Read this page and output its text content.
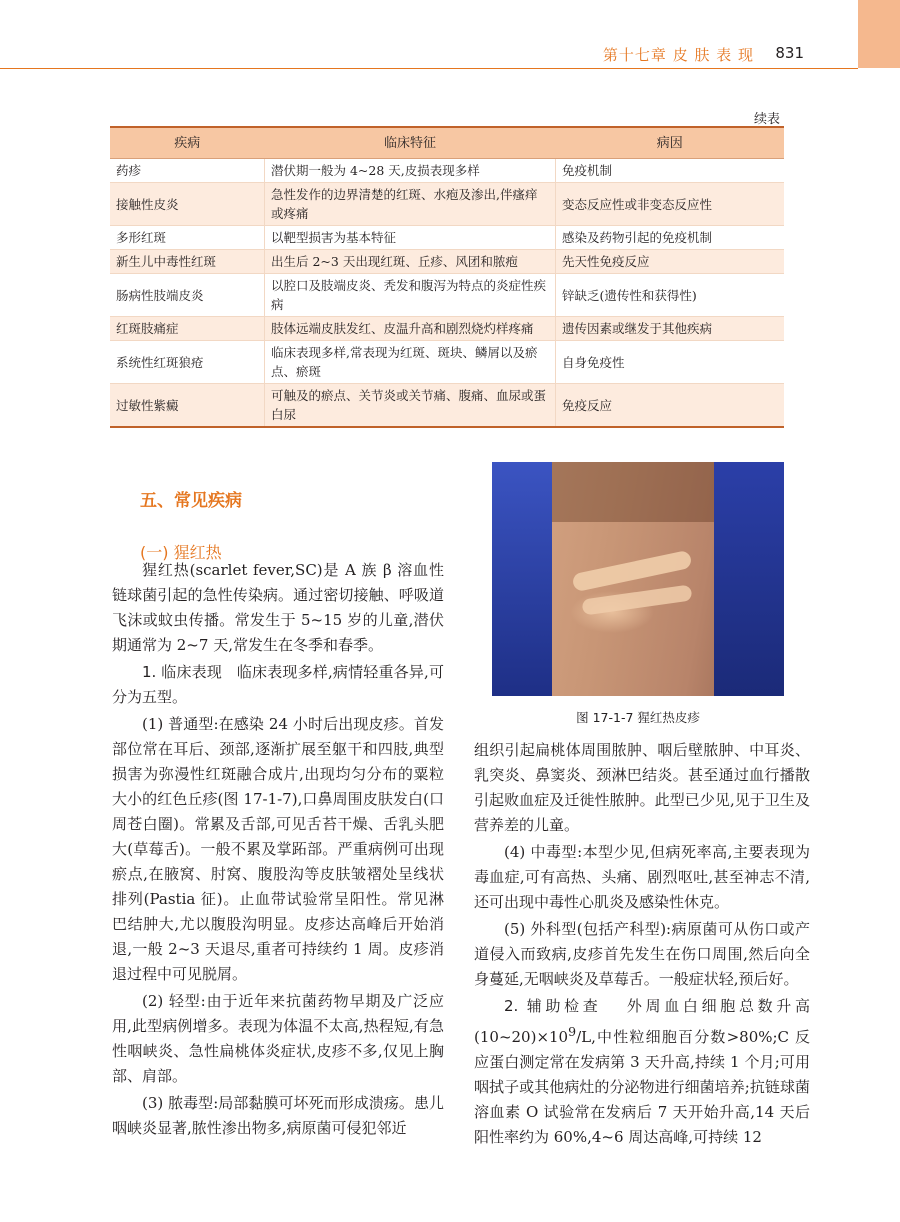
第十七章 皮 肤 表 现 831
续表
疾病	临床特征	病因
药疹	潜伏期一般为 4~28 天,皮损表现多样	免疫机制
接触性皮炎	急性发作的边界清楚的红斑、水疱及渗出,伴瘙痒或疼痛	变态反应性或非变态反应性
多形红斑	以靶型损害为基本特征	感染及药物引起的免疫机制
新生儿中毒性红斑	出生后 2~3 天出现红斑、丘疹、风团和脓疱	先天性免疫反应
肠病性肢端皮炎	以腔口及肢端皮炎、秃发和腹泻为特点的炎症性疾病	锌缺乏(遗传性和获得性)
红斑肢痛症	肢体远端皮肤发红、皮温升高和剧烈烧灼样疼痛	遗传因素或继发于其他疾病
系统性红斑狼疮	临床表现多样,常表现为红斑、斑块、鳞屑以及瘀点、瘀斑	自身免疫性
过敏性紫癜	可触及的瘀点、关节炎或关节痛、腹痛、血尿或蛋白尿	免疫反应
五、常见疾病
(一) 猩红热
图 17-1-7 猩红热皮疹

猩红热(scarlet fever,SC)是 A 族 β 溶血性链球菌引起的急性传染病。通过密切接触、呼吸道飞沫或蚊虫传播。常发生于 5~15 岁的儿童,潜伏期通常为 2~7 天,常发生在冬季和春季。

1. 临床表现 临床表现多样,病情轻重各异,可分为五型。

(1) 普通型:在感染 24 小时后出现皮疹。首发部位常在耳后、颈部,逐渐扩展至躯干和四肢,典型损害为弥漫性红斑融合成片,出现均匀分布的粟粒大小的红色丘疹(图 17-1-7),口鼻周围皮肤发白(口周苍白圈)。常累及舌部,可见舌苔干燥、舌乳头肥大(草莓舌)。一般不累及掌跖部。严重病例可出现瘀点,在腋窝、肘窝、腹股沟等皮肤皱褶处呈线状排列(Pastia 征)。止血带试验常呈阳性。常见淋巴结肿大,尤以腹股沟明显。皮疹达高峰后开始消退,一般 2~3 天退尽,重者可持续约 1 周。皮疹消退过程中可见脱屑。

(2) 轻型:由于近年来抗菌药物早期及广泛应用,此型病例增多。表现为体温不太高,热程短,有急性咽峡炎、急性扁桃体炎症状,皮疹不多,仅见上胸部、肩部。

(3) 脓毒型:局部黏膜可坏死而形成溃疡。患儿咽峡炎显著,脓性渗出物多,病原菌可侵犯邻近

组织引起扁桃体周围脓肿、咽后壁脓肿、中耳炎、乳突炎、鼻窦炎、颈淋巴结炎。甚至通过血行播散引起败血症及迁徙性脓肿。此型已少见,见于卫生及营养差的儿童。

(4) 中毒型:本型少见,但病死率高,主要表现为毒血症,可有高热、头痛、剧烈呕吐,甚至神志不清,还可出现中毒性心肌炎及感染性休克。

(5) 外科型(包括产科型):病原菌可从伤口或产道侵入而致病,皮疹首先发生在伤口周围,然后向全身蔓延,无咽峡炎及草莓舌。一般症状轻,预后好。

2. 辅助检查 外周血白细胞总数升高$(10\sim 20)\times 10^9/L$,中性粒细胞百分数>80%;C 反应蛋白测定常在发病第 3 天升高,持续 1 个月;可用咽拭子或其他病灶的分泌物进行细菌培养;抗链球菌溶血素 O 试验常在发病后 7 天开始升高,14 天后阳性率约为 60%,4~6 周达高峰,可持续 12
